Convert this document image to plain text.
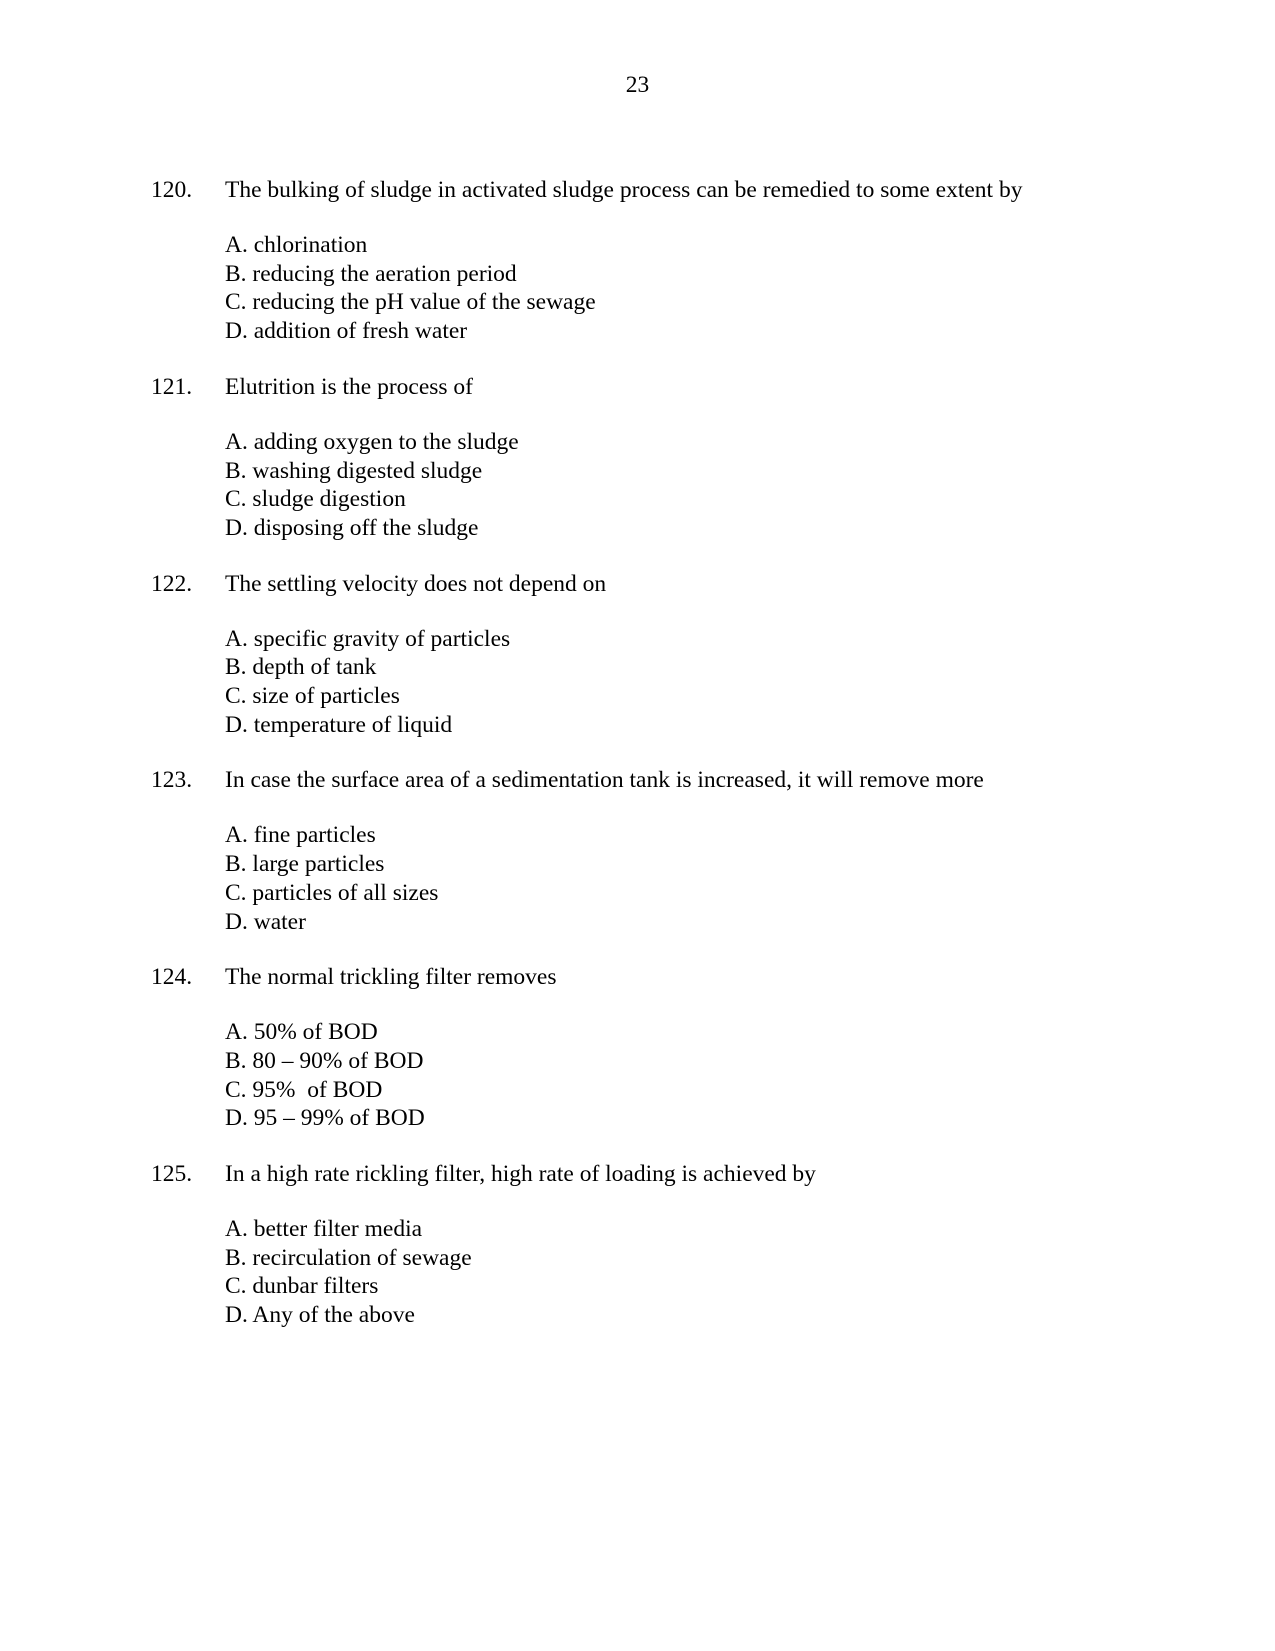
23
120.	The bulking of sludge in activated sludge process can be remedied to some extent by
A. chlorination
B. reducing the aeration period
C. reducing the pH value of the sewage
D. addition of fresh water
121.	Elutrition is the process of
A. adding oxygen to the sludge
B. washing digested sludge
C. sludge digestion
D. disposing off the sludge
122.	The settling velocity does not depend on
A. specific gravity of particles
B. depth of tank
C. size of particles
D. temperature of liquid
123.	In case the surface area of a sedimentation tank is increased, it will remove more
A. fine particles
B. large particles
C. particles of all sizes
D. water
124.	The normal trickling filter removes
A. 50% of BOD
B. 80 – 90% of BOD
C. 95%  of BOD
D. 95 – 99% of BOD
125.	In a high rate rickling filter, high rate of loading is achieved by
A. better filter media
B. recirculation of sewage
C. dunbar filters
D. Any of the above
